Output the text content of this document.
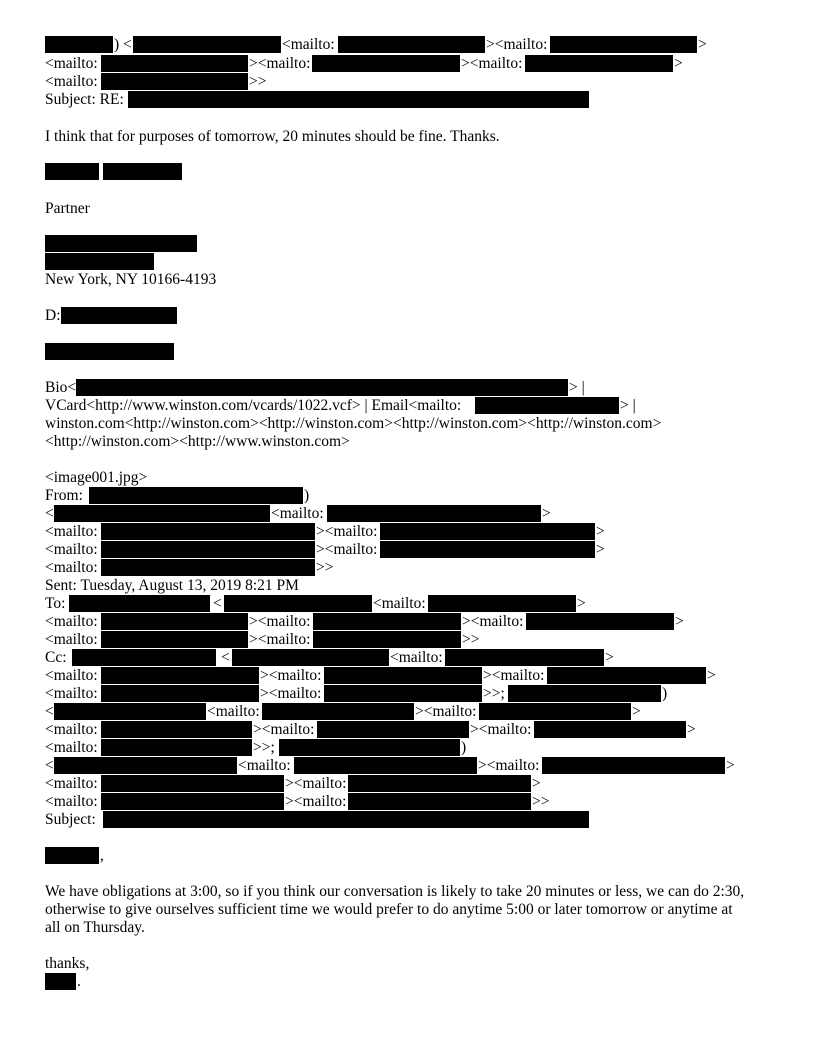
) <	<mailto:	><mailto:	>
<mailto:	><mailto:	><mailto:	>
<mailto:	>>
Subject: RE:
I think that for purposes of tomorrow, 20 minutes should be fine. Thanks.
Partner
New York, NY 10166-4193
D:
Bio<	> |
VCard<http://www.winston.com/vcards/1022.vcf> | Email<mailto:	> |
winston.com<http://winston.com><http://winston.com><http://winston.com><http://winston.com>
<http://winston.com><http://www.winston.com>
<image001.jpg>
From:	)
<	<mailto:	>
<mailto:	><mailto:	>
<mailto:	><mailto:	>
<mailto:	>>
Sent: Tuesday, August 13, 2019 8:21 PM
To:	<	<mailto:	>
<mailto:	><mailto:	><mailto:	>
<mailto:	><mailto:	>>
Cc:	<	<mailto:	>
<mailto:	><mailto:	><mailto:	>
<mailto:	><mailto:	>>;	)
<	<mailto:	><mailto:	>
<mailto:	><mailto:	><mailto:	>
<mailto:	>>;	)
<	<mailto:	><mailto:	>
<mailto:	><mailto:	>
<mailto:	><mailto:	>>
Subject:
,
We have obligations at 3:00, so if you think our conversation is likely to take 20 minutes or less, we can do 2:30,
otherwise to give ourselves sufficient time we would prefer to do anytime 5:00 or later tomorrow or anytime at
all on Thursday.
thanks,
.
